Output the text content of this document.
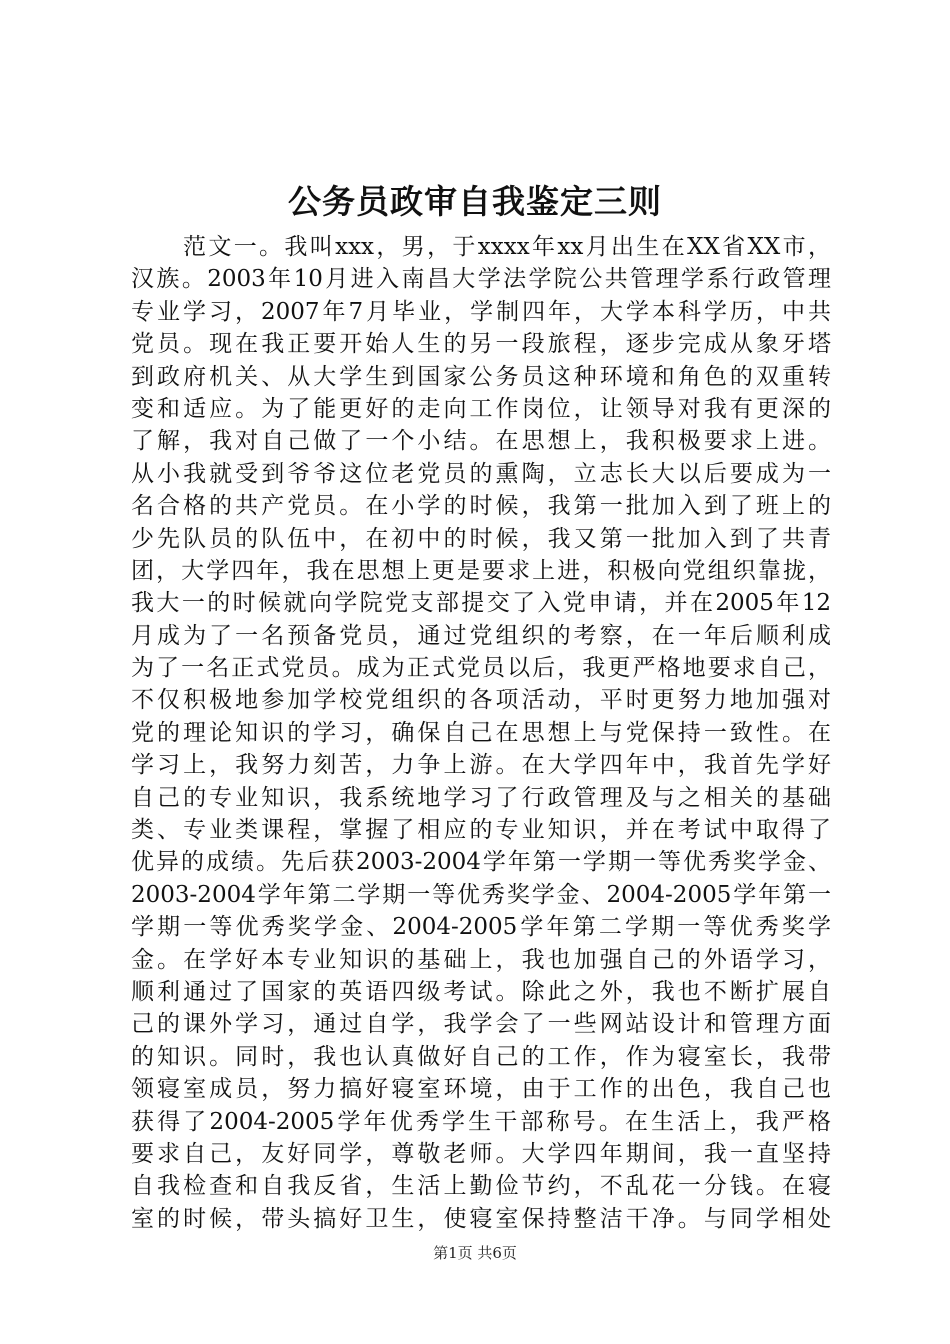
公务员政审自我鉴定三则
范文一。我叫xxx，男，于xxxx年xx月出生在XX省XX市，
汉族。2003年10月进入南昌大学法学院公共管理学系行政管理
专业学习，2007年7月毕业，学制四年，大学本科学历，中共
党员。现在我正要开始人生的另一段旅程，逐步完成从象牙塔
到政府机关、从大学生到国家公务员这种环境和角色的双重转
变和适应。为了能更好的走向工作岗位，让领导对我有更深的
了解，我对自己做了一个小结。在思想上，我积极要求上进。
从小我就受到爷爷这位老党员的熏陶，立志长大以后要成为一
名合格的共产党员。在小学的时候，我第一批加入到了班上的
少先队员的队伍中，在初中的时候，我又第一批加入到了共青
团，大学四年，我在思想上更是要求上进，积极向党组织靠拢，
我大一的时候就向学院党支部提交了入党申请，并在2005年12
月成为了一名预备党员，通过党组织的考察，在一年后顺利成
为了一名正式党员。成为正式党员以后，我更严格地要求自己，
不仅积极地参加学校党组织的各项活动，平时更努力地加强对
党的理论知识的学习，确保自己在思想上与党保持一致性。在
学习上，我努力刻苦，力争上游。在大学四年中，我首先学好
自己的专业知识，我系统地学习了行政管理及与之相关的基础
类、专业类课程，掌握了相应的专业知识，并在考试中取得了
优异的成绩。先后获2003-2004学年第一学期一等优秀奖学金、
2003-2004学年第二学期一等优秀奖学金、2004-2005学年第一
学期一等优秀奖学金、2004-2005学年第二学期一等优秀奖学
金。在学好本专业知识的基础上，我也加强自己的外语学习，
顺利通过了国家的英语四级考试。除此之外，我也不断扩展自
己的课外学习，通过自学，我学会了一些网站设计和管理方面
的知识。同时，我也认真做好自己的工作，作为寝室长，我带
领寝室成员，努力搞好寝室环境，由于工作的出色，我自己也
获得了2004-2005学年优秀学生干部称号。在生活上，我严格
要求自己，友好同学，尊敬老师。大学四年期间，我一直坚持
自我检查和自我反省，生活上勤俭节约，不乱花一分钱。在寝
室的时候，带头搞好卫生，使寝室保持整洁干净。与同学相处
第1页 共6页
